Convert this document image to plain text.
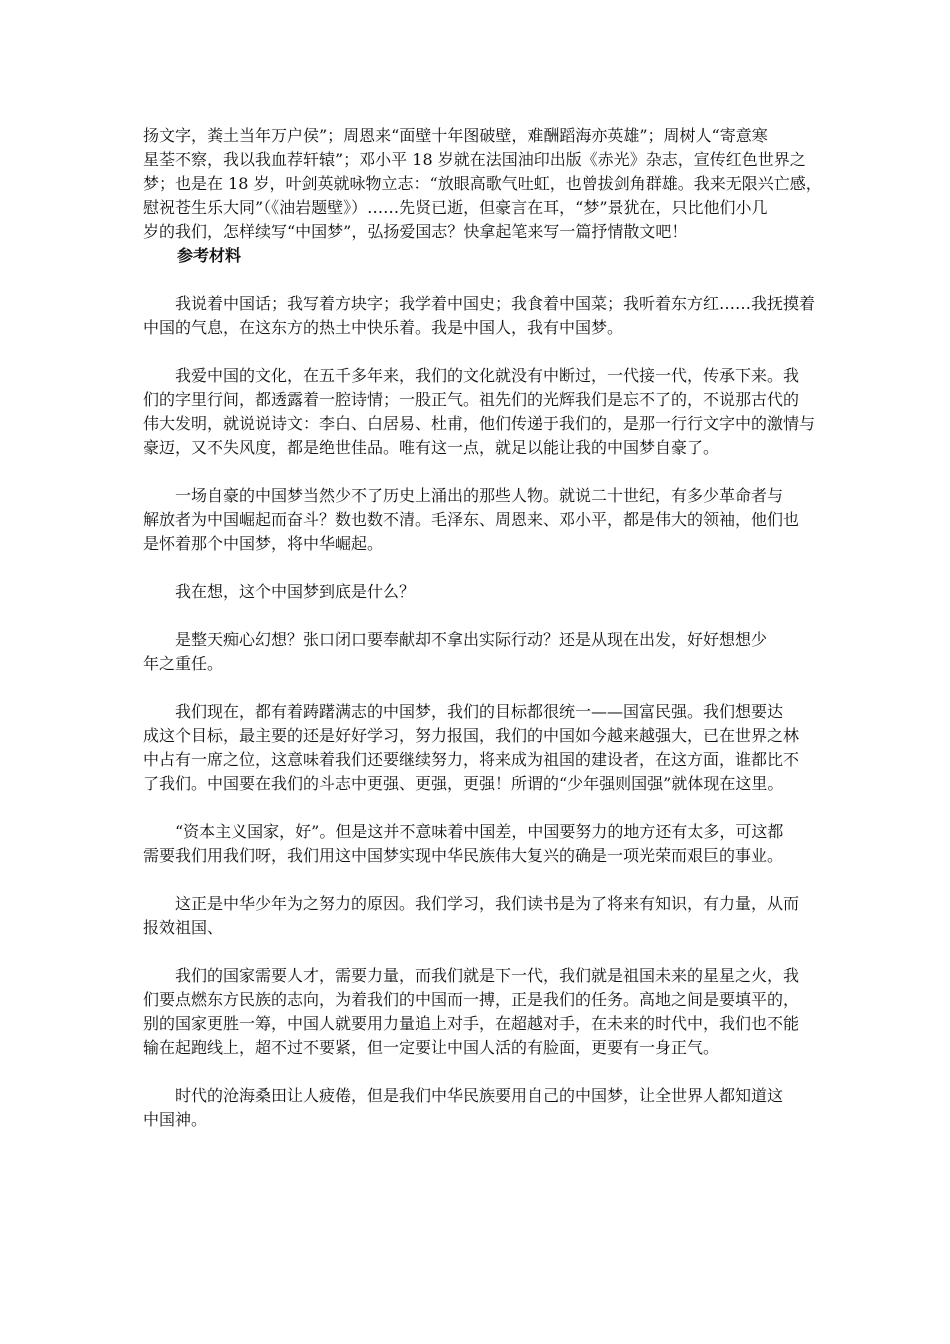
扬文字，粪土当年万户侯”；周恩来“面壁十年图破壁，难酬蹈海亦英雄”；周树人“寄意寒
星荃不察，我以我血荐轩辕”；邓小平 18 岁就在法国油印出版《赤光》杂志，宣传红色世界之
梦；也是在 18 岁，叶剑英就咏物立志：“放眼高歌气吐虹，也曾拔剑角群雄。我来无限兴亡感，
慰祝苍生乐大同”（《油岩题壁》）……先贤已逝，但豪言在耳，“梦”景犹在，只比他们小几
岁的我们，怎样续写“中国梦”，弘扬爱国志？快拿起笔来写一篇抒情散文吧！
参考材料
  我说着中国话；我写着方块字；我学着中国史；我食着中国菜；我听着东方红……我抚摸着
中国的气息，在这东方的热土中快乐着。我是中国人，我有中国梦。
  我爱中国的文化，在五千多年来，我们的文化就没有中断过，一代接一代，传承下来。我
们的字里行间，都透露着一腔诗情；一股正气。祖先们的光辉我们是忘不了的，不说那古代的
伟大发明，就说说诗文：李白、白居易、杜甫，他们传递于我们的，是那一行行文字中的激情与
豪迈，又不失风度，都是绝世佳品。唯有这一点，就足以能让我的中国梦自豪了。
  一场自豪的中国梦当然少不了历史上涌出的那些人物。就说二十世纪，有多少革命者与
解放者为中国崛起而奋斗？数也数不清。毛泽东、周恩来、邓小平，都是伟大的领袖，他们也
是怀着那个中国梦，将中华崛起。
  我在想，这个中国梦到底是什么？
  是整天痴心幻想？张口闭口要奉献却不拿出实际行动？还是从现在出发，好好想想少
年之重任。
  我们现在，都有着踌躇满志的中国梦，我们的目标都很统一——国富民强。我们想要达
成这个目标，最主要的还是好好学习，努力报国，我们的中国如今越来越强大，已在世界之林
中占有一席之位，这意味着我们还要继续努力，将来成为祖国的建设者，在这方面，谁都比不
了我们。中国要在我们的斗志中更强、更强，更强！所谓的“少年强则国强”就体现在这里。
  “资本主义国家，好”。但是这并不意味着中国差，中国要努力的地方还有太多，可这都
需要我们用我们呀，我们用这中国梦实现中华民族伟大复兴的确是一项光荣而艰巨的事业。
  这正是中华少年为之努力的原因。我们学习，我们读书是为了将来有知识，有力量，从而
报效祖国、
  我们的国家需要人才，需要力量，而我们就是下一代，我们就是祖国未来的星星之火，我
们要点燃东方民族的志向，为着我们的中国而一搏，正是我们的任务。高地之间是要填平的，
别的国家更胜一筹，中国人就要用力量追上对手，在超越对手，在未来的时代中，我们也不能
输在起跑线上，超不过不要紧，但一定要让中国人活的有脸面，更要有一身正气。
  时代的沧海桑田让人疲倦，但是我们中华民族要用自己的中国梦，让全世界人都知道这
中国神。
